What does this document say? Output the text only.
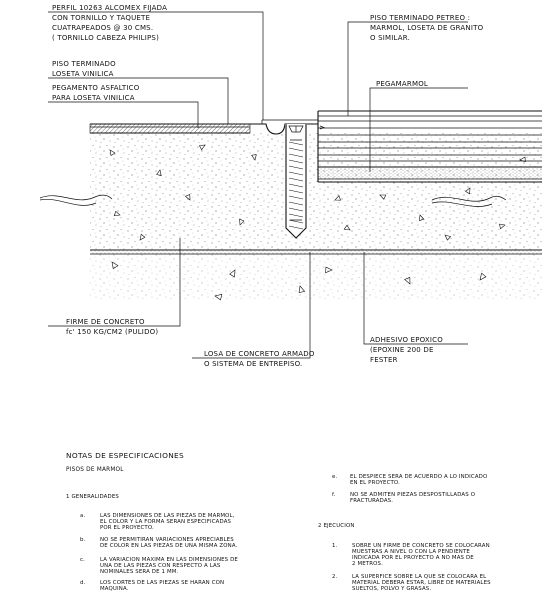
PERFIL 10263 ALCOMEX FIJADA
CON TORNILLO Y TAQUETE
CUATRAPEADOS @ 30 CMS.
( TORNILLO CABEZA PHILIPS)
PISO TERMINADO
LOSETA VINILICA
PEGAMENTO ASFALTICO
PARA LOSETA VINILICA
PISO TERMINADO PETREO :
MARMOL, LOSETA DE GRANITO
O SIMILAR.
PEGAMARMOL
FIRME DE CONCRETO
fc' 150 KG/CM2 (PULIDO)
LOSA DE CONCRETO ARMADO
O SISTEMA DE ENTREPISO.
ADHESIVO EPOXICO
(EPOXINE 200 DE
FESTER
NOTAS DE ESPECIFICACIONES
PISOS DE MARMOL
1 GENERALIDADES
a.	LAS DIMENSIONES DE LAS PIEZAS DE MARMOL,
EL COLOR Y LA FORMA SERAN ESPECIFICADAS
POR EL PROYECTO.
b.	NO SE PERMITIRAN VARIACIONES APRECIABLES
DE COLOR EN LAS PIEZAS DE UNA MISMA ZONA.
c.	LA VARIACION MAXIMA EN LAS DIMENSIONES DE
UNA DE LAS PIEZAS CON RESPECTO A LAS
NOMINALES SERA DE 1 MM.
d.	LOS CORTES DE LAS PIEZAS SE HARAN CON
MAQUINA.
e. EL DESPIECE SERA DE ACUERDO A LO INDICADO
EN EL PROYECTO.
f.	NO SE ADMITEN PIEZAS DESPOSTILLADAS O
FRACTURADAS.
2 EJECUCION
1.	SOBRE UN FIRME DE CONCRETO SE COLOCARAN
MUESTRAS A NIVEL O CON LA PENDIENTE
INDICADA POR EL PROYECTO A NO MAS DE
2 METROS.
2.	LA SUPERFICE SOBRE LA QUE SE COLOCARA EL
MATERIAL DEBERA ESTAR, LIBRE DE MATERIALES
SUELTOS, POLVO Y GRASAS.
